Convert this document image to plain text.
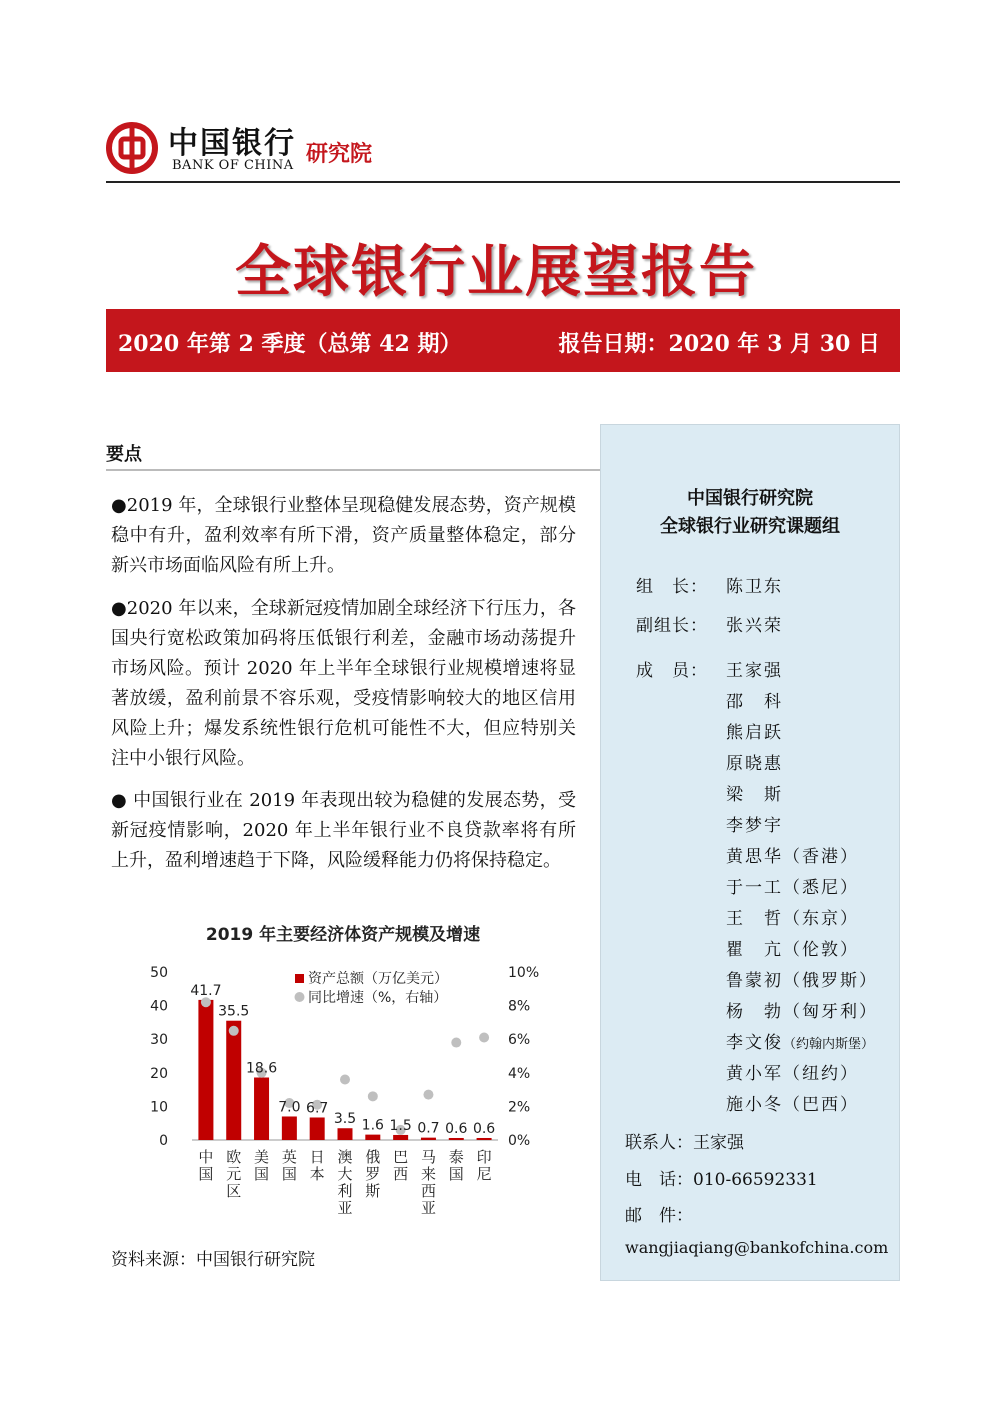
中国银行
BANK OF CHINA 研究院
全球银行业展望报告
2020 年第 2 季度（总第 42 期）	报告日期：2020 年 3 月 30 日
要点
●2019 年，全球银行业整体呈现稳健发展态势，资产规模稳中有升，盈利效率有所下滑，资产质量整体稳定，部分新兴市场面临风险有所上升。
●2020 年以来，全球新冠疫情加剧全球经济下行压力，各国央行宽松政策加码将压低银行利差，金融市场动荡提升市场风险。预计 2020 年上半年全球银行业规模增速将显著放缓，盈利前景不容乐观，受疫情影响较大的地区信用风险上升；爆发系统性银行危机可能性不大，但应特别关注中小银行风险。
● 中国银行业在 2019 年表现出较为稳健的发展态势，受新冠疫情影响，2020 年上半年银行业不良贷款率将有所上升，盈利增速趋于下降，风险缓释能力仍将保持稳定。
2019 年主要经济体资产规模及增速
50
40
30
20
10
0
10%
8%
6%
4%
2%
0%
41.7
中
国
35.5
欧
元
区
18.6
美
国
7.0
英
国
6.7
日
本
3.5
澳
大
利
亚
1.6
俄
罗
斯
1.5
巴
西
0.7
马
来
西
亚
0.6
泰
国
0.6
印
尼
资产总额（万亿美元）
同比增速（%，右轴）
资料来源：中国银行研究院
中国银行研究院
全球银行业研究课题组
组　长： 陈卫东
副组长： 张兴荣
成　员： 王家强
邵　科
熊启跃
原晓惠
梁　斯
李梦宇
黄思华（香港）
于一工（悉尼）
王　哲（东京）
瞿　亢（伦敦）
鲁蒙初（俄罗斯）
杨　勃（匈牙利）
李文俊（约翰内斯堡）
黄小军（纽约）
施小冬（巴西）
联系人：王家强
电　话：010-66592331
邮　件：
wangjiaqiang@bankofchina.com
